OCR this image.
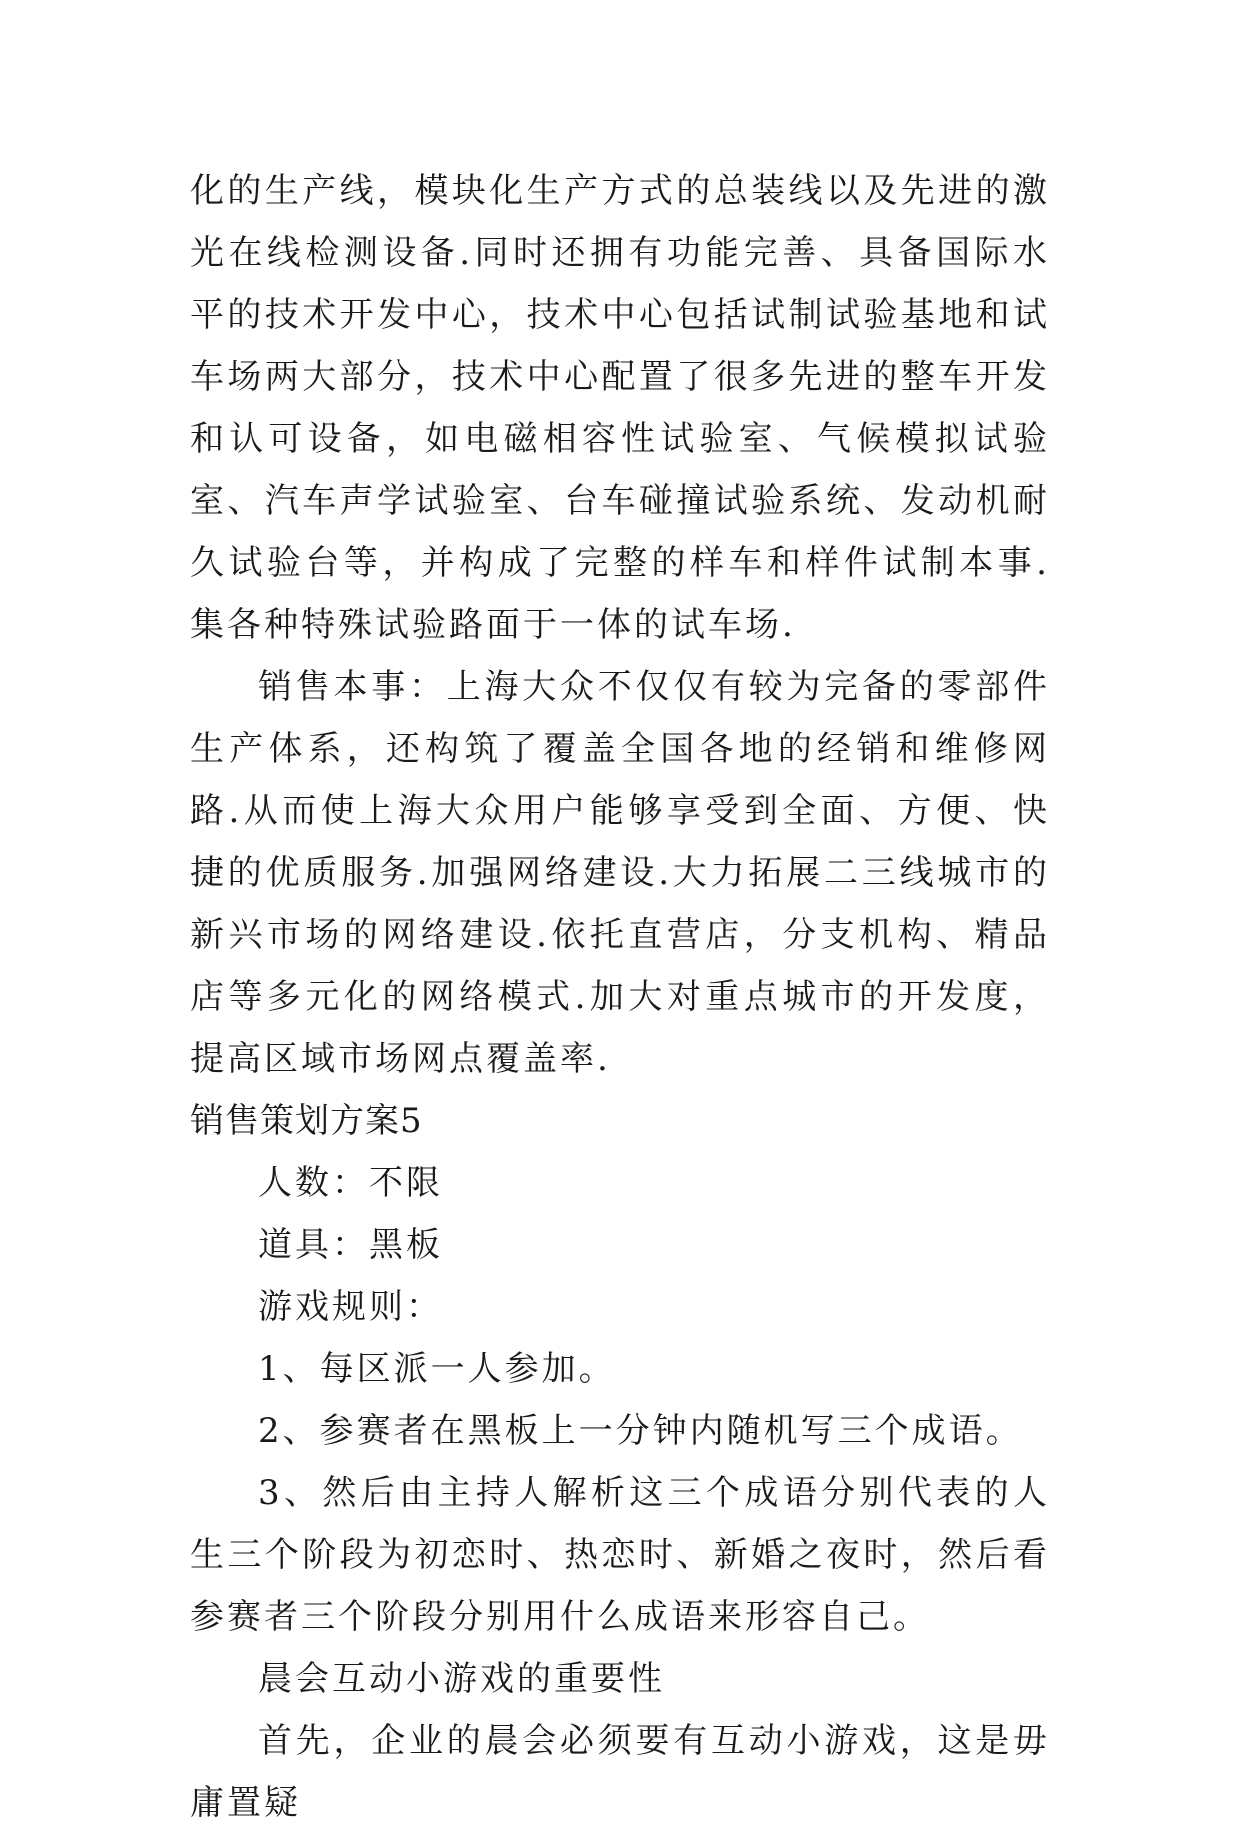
化的生产线，模块化生产方式的总装线以及先进的激光在线检测设备.同时还拥有功能完善、具备国际水平的技术开发中心，技术中心包括试制试验基地和试车场两大部分，技术中心配置了很多先进的整车开发和认可设备，如电磁相容性试验室、气候模拟试验室、汽车声学试验室、台车碰撞试验系统、发动机耐久试验台等，并构成了完整的样车和样件试制本事.集各种特殊试验路面于一体的试车场.

销售本事：上海大众不仅仅有较为完备的零部件生产体系，还构筑了覆盖全国各地的经销和维修网路.从而使上海大众用户能够享受到全面、方便、快捷的优质服务.加强网络建设.大力拓展二三线城市的新兴市场的网络建设.依托直营店，分支机构、精品店等多元化的网络模式.加大对重点城市的开发度，提高区域市场网点覆盖率.

销售策划方案5

人数：不限

道具：黑板

游戏规则：

1、每区派一人参加。

2、参赛者在黑板上一分钟内随机写三个成语。

3、然后由主持人解析这三个成语分别代表的人生三个阶段为初恋时、热恋时、新婚之夜时，然后看参赛者三个阶段分别用什么成语来形容自己。

晨会互动小游戏的重要性

首先，企业的晨会必须要有互动小游戏，这是毋庸置疑
